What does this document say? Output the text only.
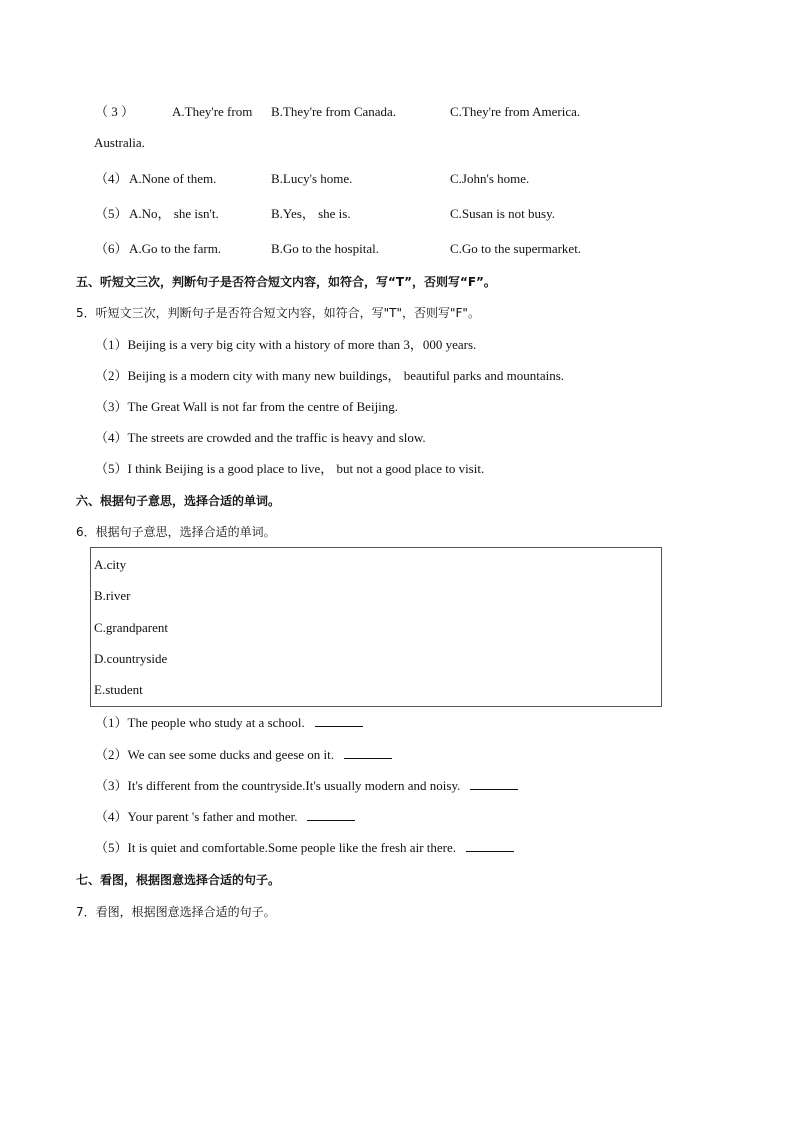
（ 3 ）	A.They're from B.They're from Canada.	C.They're from America.
Australia.
（4） A.None of them.	B.Lucy's home.	C.John's home.
（5） A.No， she isn't.	B.Yes， she is.	C.Susan is not busy.
（6） A.Go to the farm.	B.Go to the hospital.	C.Go to the supermarket.
五、听短文三次，判断句子是否符合短文内容，如符合，写“T”，否则写“F”。
5．听短文三次，判断句子是否符合短文内容，如符合，写"T"，否则写"F"。
（1）Beijing is a very big city with a history of more than 3，000 years.
（2）Beijing is a modern city with many new buildings， beautiful parks and mountains.
（3）The Great Wall is not far from the centre of Beijing.
（4）The streets are crowded and the traffic is heavy and slow.
（5）I think Beijing is a good place to live， but not a good place to visit.
六、根据句子意思，选择合适的单词。
6．根据句子意思，选择合适的单词。
A.city
B.river
C.grandparent
D.countryside
E.student
（1）The people who study at a school.
（2）We can see some ducks and geese on it.
（3）It's different from the countryside.It's usually modern and noisy.
（4）Your parent 's father and mother.
（5）It is quiet and comfortable.Some people like the fresh air there.
七、看图，根据图意选择合适的句子。
7．看图，根据图意选择合适的句子。
